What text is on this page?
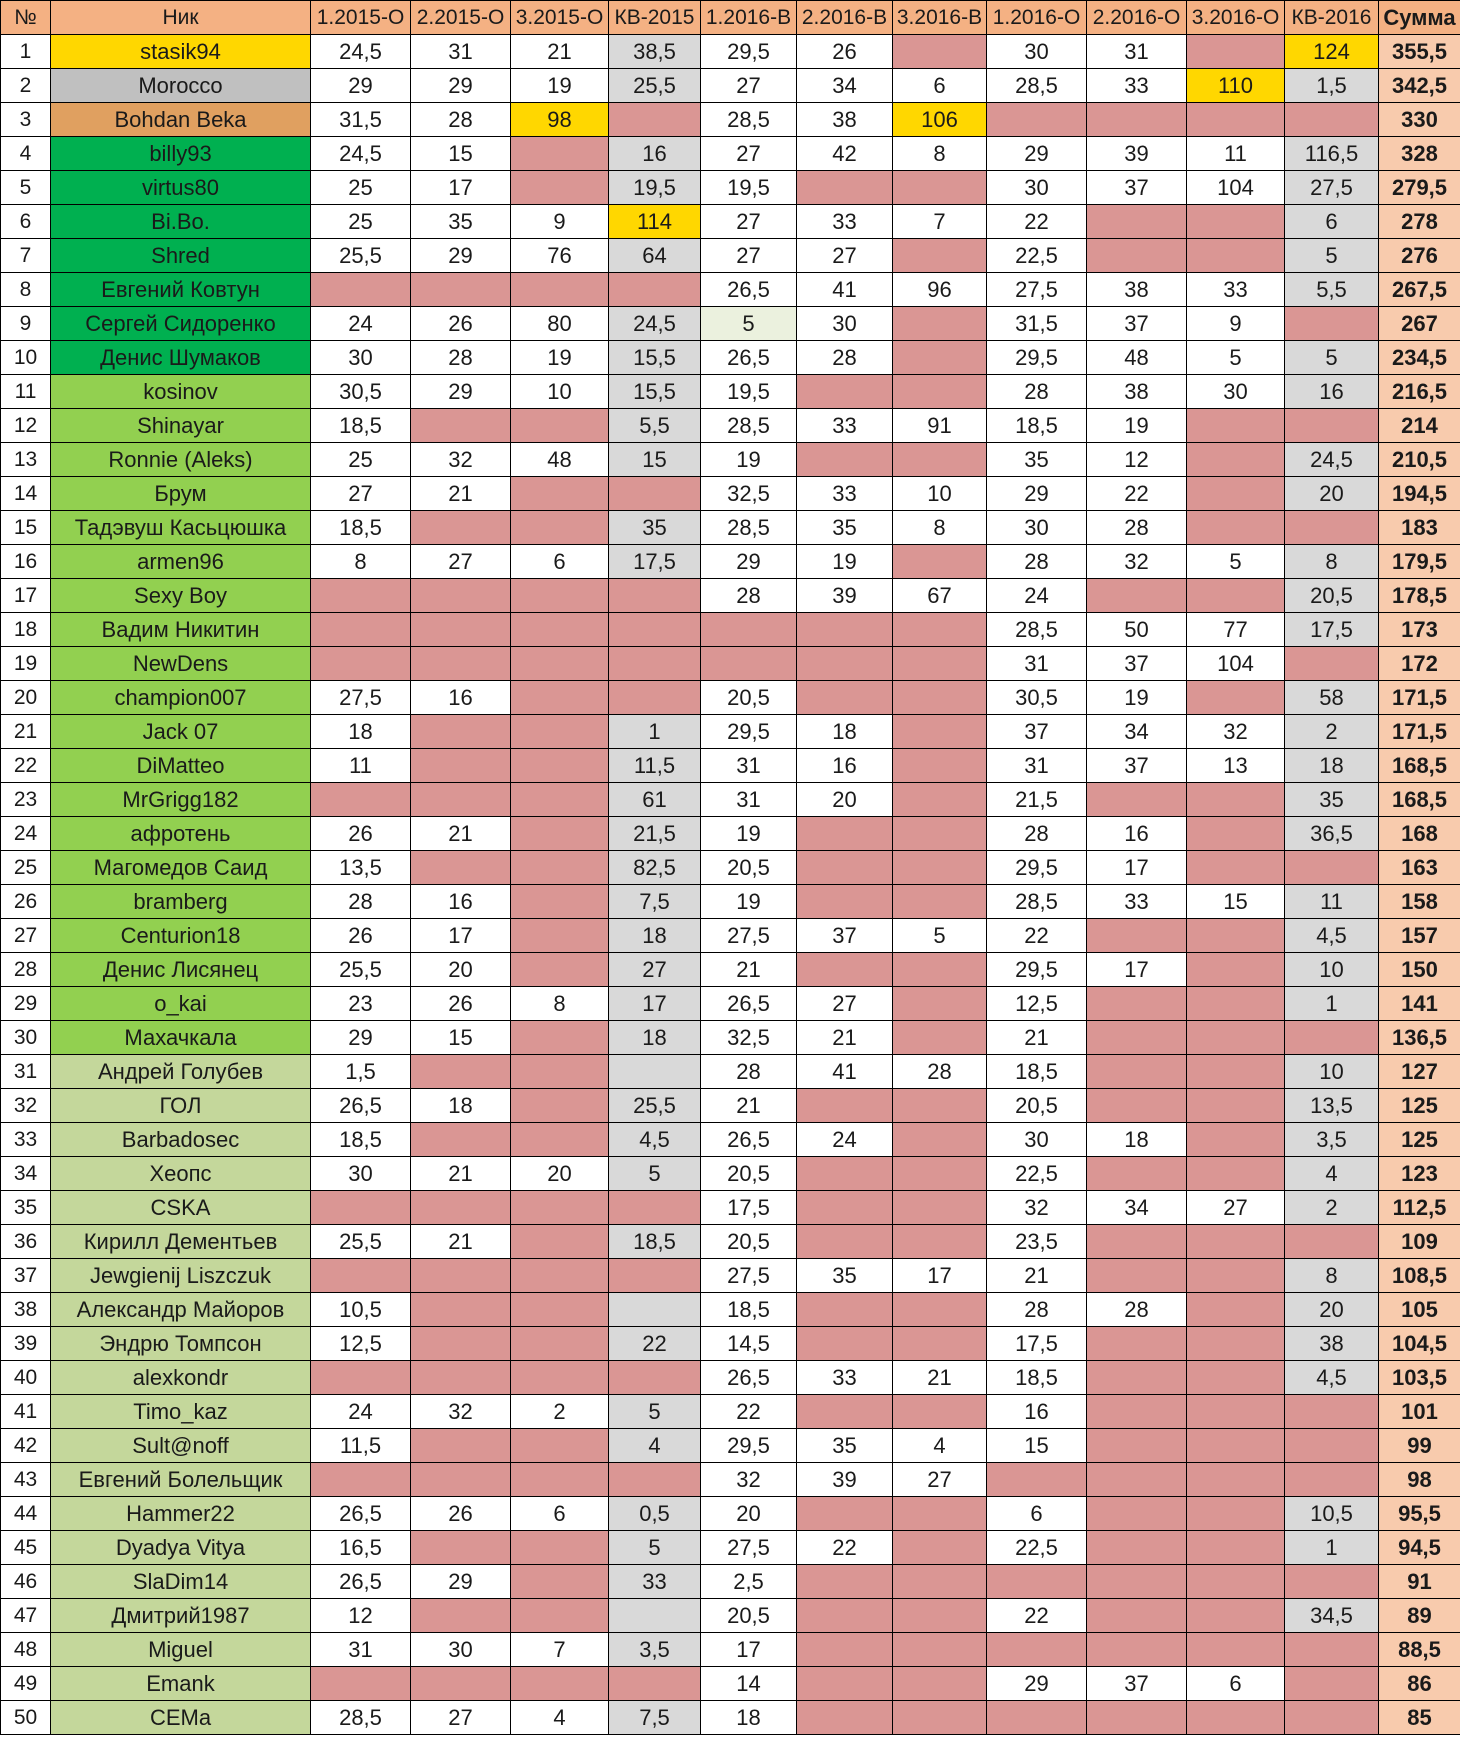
№	Ник	1.2015-О	2.2015-О	3.2015-О	КВ-2015	1.2016-В	2.2016-В	3.2016-В	1.2016-О	2.2016-О	3.2016-О	КВ-2016	Сумма
1	stasik94	24,5	31	21	38,5	29,5	26		30	31		124	355,5
2	Morocco	29	29	19	25,5	27	34	6	28,5	33	110	1,5	342,5
3	Bohdan Beka	31,5	28	98		28,5	38	106					330
4	billy93	24,5	15		16	27	42	8	29	39	11	116,5	328
5	virtus80	25	17		19,5	19,5			30	37	104	27,5	279,5
6	Bi.Bo.	25	35	9	114	27	33	7	22			6	278
7	Shred	25,5	29	76	64	27	27		22,5			5	276
8	Евгений Ковтун					26,5	41	96	27,5	38	33	5,5	267,5
9	Сергей Сидоренко	24	26	80	24,5	5	30		31,5	37	9		267
10	Денис Шумаков	30	28	19	15,5	26,5	28		29,5	48	5	5	234,5
11	kosinov	30,5	29	10	15,5	19,5			28	38	30	16	216,5
12	Shinayar	18,5			5,5	28,5	33	91	18,5	19			214
13	Ronnie (Aleks)	25	32	48	15	19			35	12		24,5	210,5
14	Брум	27	21			32,5	33	10	29	22		20	194,5
15	Тадэвуш Касьцюшка	18,5			35	28,5	35	8	30	28			183
16	armen96	8	27	6	17,5	29	19		28	32	5	8	179,5
17	Sexy Boy					28	39	67	24			20,5	178,5
18	Вадим Никитин								28,5	50	77	17,5	173
19	NewDens								31	37	104		172
20	champion007	27,5	16			20,5			30,5	19		58	171,5
21	Jack 07	18			1	29,5	18		37	34	32	2	171,5
22	DiMatteo	11			11,5	31	16		31	37	13	18	168,5
23	MrGrigg182				61	31	20		21,5			35	168,5
24	афротень	26	21		21,5	19			28	16		36,5	168
25	Магомедов Саид	13,5			82,5	20,5			29,5	17			163
26	bramberg	28	16		7,5	19			28,5	33	15	11	158
27	Centurion18	26	17		18	27,5	37	5	22			4,5	157
28	Денис Лисянец	25,5	20		27	21			29,5	17		10	150
29	o_kai	23	26	8	17	26,5	27		12,5			1	141
30	Махачкала	29	15		18	32,5	21		21				136,5
31	Андрей Голубев	1,5				28	41	28	18,5			10	127
32	ГОЛ	26,5	18		25,5	21			20,5			13,5	125
33	Barbadosec	18,5			4,5	26,5	24		30	18		3,5	125
34	Хеопс	30	21	20	5	20,5			22,5			4	123
35	CSKA					17,5			32	34	27	2	112,5
36	Кирилл Дементьев	25,5	21		18,5	20,5			23,5				109
37	Jewgienij Liszczuk					27,5	35	17	21			8	108,5
38	Александр Майоров	10,5				18,5			28	28		20	105
39	Эндрю Томпсон	12,5			22	14,5			17,5			38	104,5
40	alexkondr					26,5	33	21	18,5			4,5	103,5
41	Timo_kaz	24	32	2	5	22			16				101
42	Sult@noff	11,5			4	29,5	35	4	15				99
43	Евгений Болельщик					32	39	27					98
44	Hammer22	26,5	26	6	0,5	20			6			10,5	95,5
45	Dyadya Vitya	16,5			5	27,5	22		22,5			1	94,5
46	SlaDim14	26,5	29		33	2,5							91
47	Дмитрий1987	12				20,5			22			34,5	89
48	Miguel	31	30	7	3,5	17							88,5
49	Emank					14			29	37	6		86
50	CEMa	28,5	27	4	7,5	18							85
